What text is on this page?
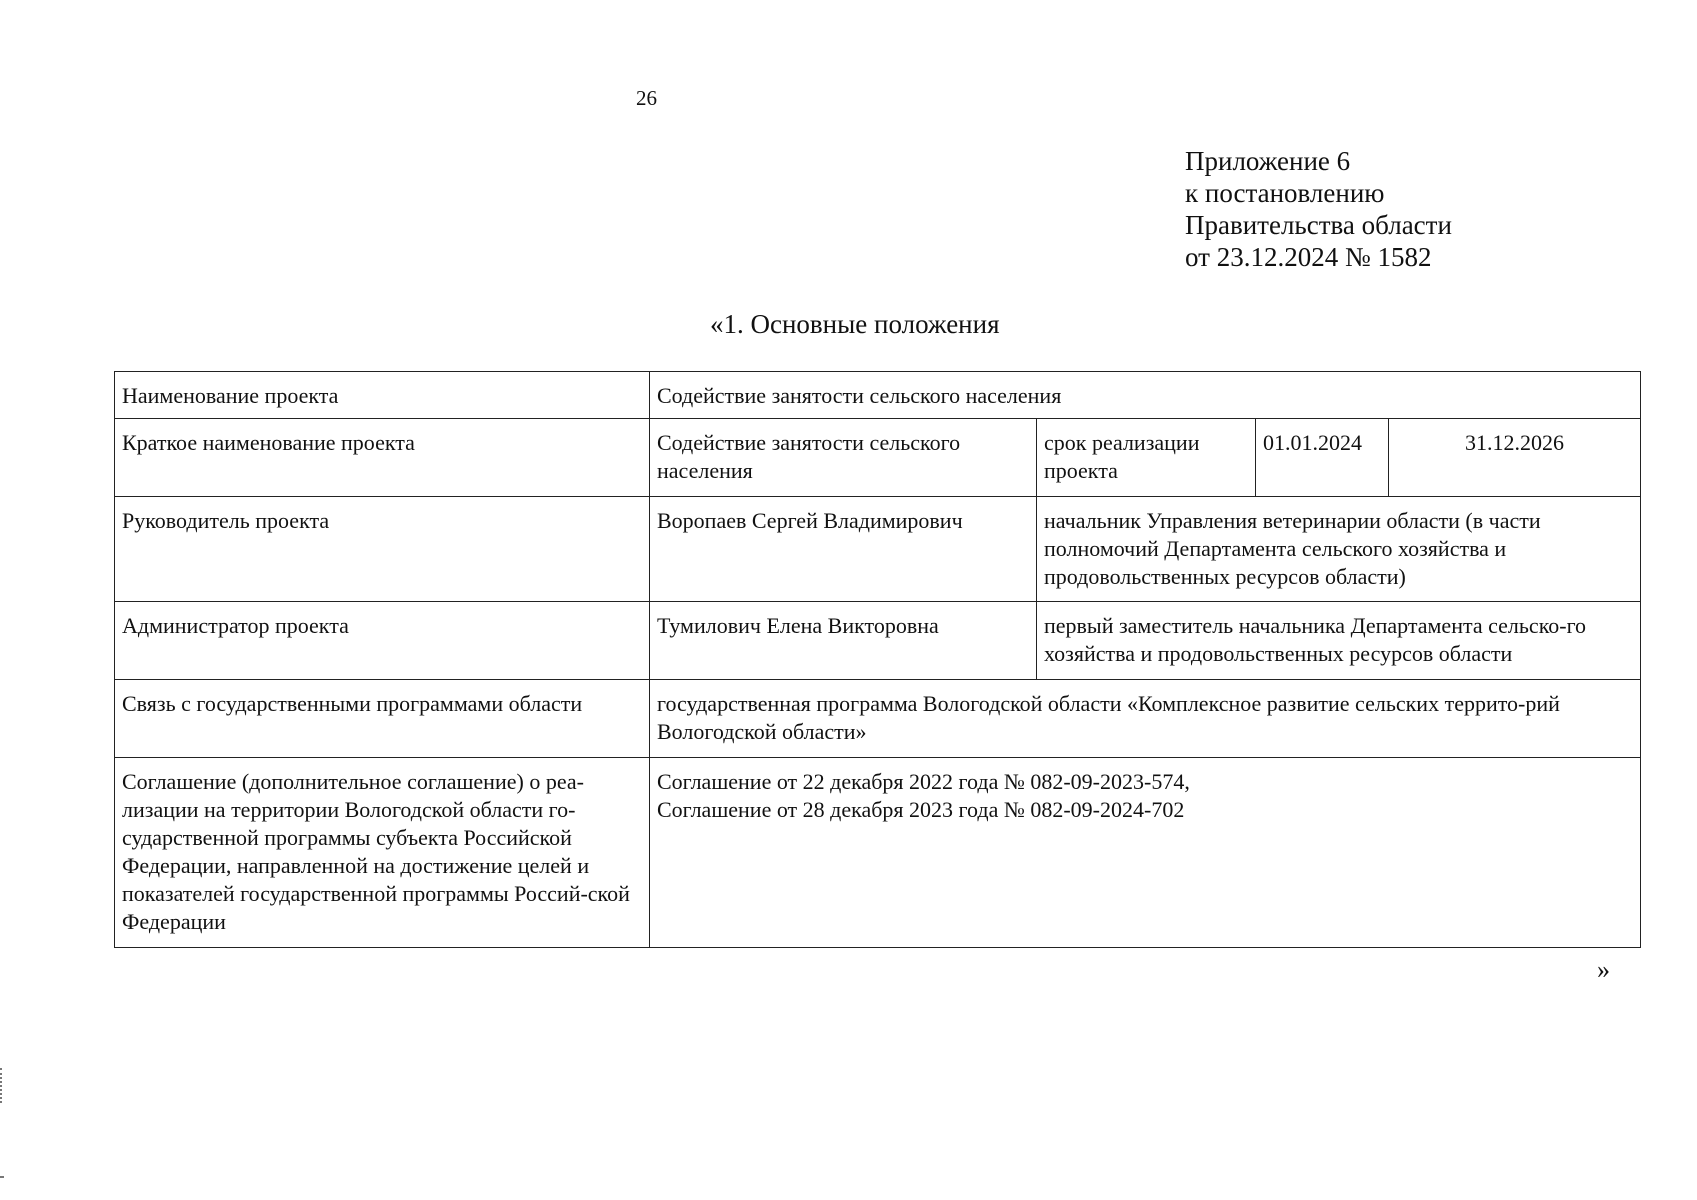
26
Приложение 6
к постановлению
Правительства области
от 23.12.2024 № 1582
«1. Основные положения
Наименование проекта	Содействие занятости сельского населения			
Краткое наименование проекта	Содействие занятости сельского населения	срок реализации проекта	01.01.2024	31.12.2026
Руководитель проекта	Воропаев Сергей Владимирович	начальник Управления ветеринарии области (в части полномочий Департамента сельского хозяйства и продовольственных ресурсов области)		
Администратор проекта	Тумилович Елена Викторовна	первый заместитель начальника Департамента сельско-го хозяйства и продовольственных ресурсов области		
Связь с государственными программами области	государственная программа Вологодской области «Комплексное развитие сельских террито-рий Вологодской области»			
Соглашение (дополнительное соглашение) о реа-лизации на территории Вологодской области го-сударственной программы субъекта Российской Федерации, направленной на достижение целей и показателей государственной программы Россий-ской Федерации	Соглашение от 22 декабря 2022 года № 082-09-2023-574,
Соглашение от 28 декабря 2023 года № 082-09-2024-702			
»
